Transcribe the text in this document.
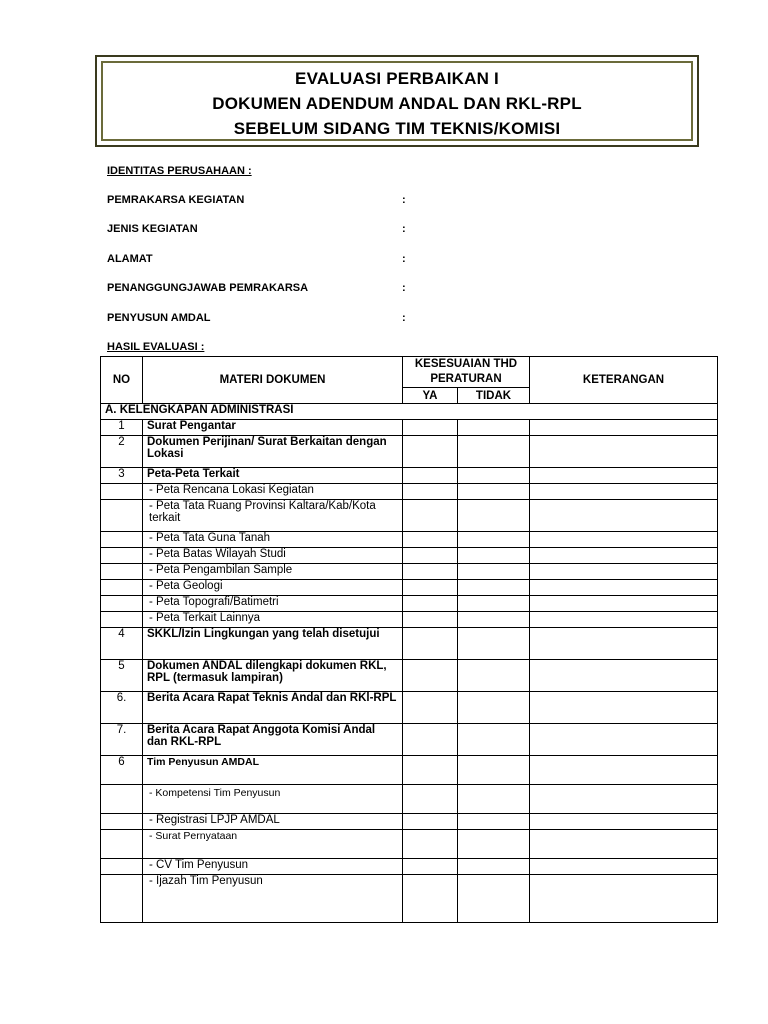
EVALUASI PERBAIKAN I
DOKUMEN ADENDUM ANDAL DAN RKL-RPL
SEBELUM SIDANG TIM TEKNIS/KOMISI
IDENTITAS PERUSAHAAN :
PEMRAKARSA KEGIATAN	:
JENIS KEGIATAN	:
ALAMAT	:
PENANGGUNGJAWAB PEMRAKARSA	:
PENYUSUN AMDAL	:
HASIL EVALUASI :
NO	MATERI DOKUMEN	KESESUAIAN THD PERATURAN		KETERANGAN
		YA	TIDAK	
A. KELENGKAPAN ADMINISTRASI				
1	Surat Pengantar			
2	Dokumen Perijinan/ Surat Berkaitan dengan Lokasi			
3	Peta-Peta Terkait			
	- Peta Rencana Lokasi Kegiatan			
	- Peta Tata Ruang Provinsi Kaltara/Kab/Kota terkait			
	- Peta Tata Guna Tanah			
	- Peta Batas Wilayah Studi			
	- Peta Pengambilan Sample			
	- Peta Geologi			
	- Peta Topografi/Batimetri			
	- Peta Terkait Lainnya			
4	SKKL/Izin Lingkungan yang telah disetujui			
5	Dokumen ANDAL dilengkapi dokumen RKL, RPL (termasuk lampiran)			
6.	Berita Acara Rapat Teknis Andal dan RKl-RPL			
7.	Berita Acara Rapat Anggota Komisi Andal dan RKL-RPL			
6	Tim Penyusun AMDAL			
	- Kompetensi Tim Penyusun			
	- Registrasi LPJP AMDAL			
	- Surat Pernyataan			
	- CV Tim Penyusun			
	- Ijazah Tim Penyusun			
